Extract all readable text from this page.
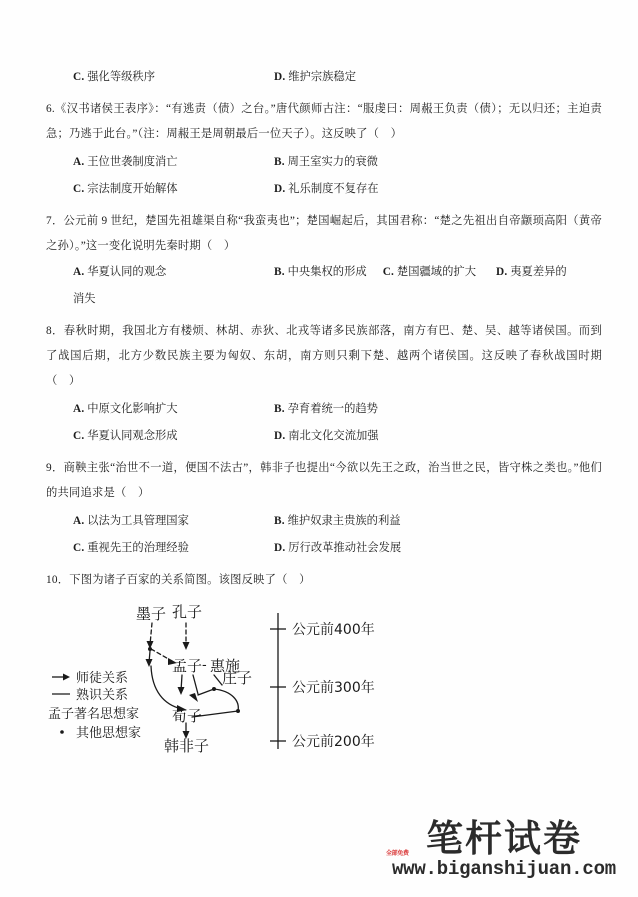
C. 强化等级秩序	D. 维护宗族稳定
6.《汉书诸侯王表序》：“有逃责（债）之台。”唐代颜师古注：“服虔曰：周赧王负责（债）；无以归还；主迫责急；乃逃于此台。”（注：周赧王是周朝最后一位天子）。这反映了（　）
A. 王位世袭制度消亡	B. 周王室实力的衰微
C. 宗法制度开始解体	D. 礼乐制度不复存在
7．公元前 9 世纪，楚国先祖雄渠自称“我蛮夷也”；楚国崛起后，其国君称：“楚之先祖出自帝颛顼高阳（黄帝之孙）。”这一变化说明先秦时期（　）
A. 华夏认同的观念	B. 中央集权的形成 C. 楚国疆域的扩大 D. 夷夏差异的
消失
8．春秋时期，我国北方有楼烦、林胡、赤狄、北戎等诸多民族部落，南方有巴、楚、吴、越等诸侯国。而到了战国后期，北方少数民族主要为匈奴、东胡，南方则只剩下楚、越两个诸侯国。这反映了春秋战国时期（　）
A. 中原文化影响扩大	B. 孕育着统一的趋势
C. 华夏认同观念形成	D. 南北文化交流加强
9．商鞅主张“治世不一道，便国不法古”，韩非子也提出“今欲以先王之政，治当世之民，皆守株之类也。”他们的共同追求是（　）
A. 以法为工具管理国家	B. 维护奴隶主贵族的利益
C. 重视先王的治理经验	D. 厉行改革推动社会发展
10．下图为诸子百家的关系简图。该图反映了（　）
墨子 孔子
孟子 - 惠施
庄子
荀子
韩非子
师徒关系
熟识关系
孟子著名思想家
其他思想家
公元前400年
公元前300年
公元前200年
全部免费 笔杆试卷
www.biganshijuan.com
